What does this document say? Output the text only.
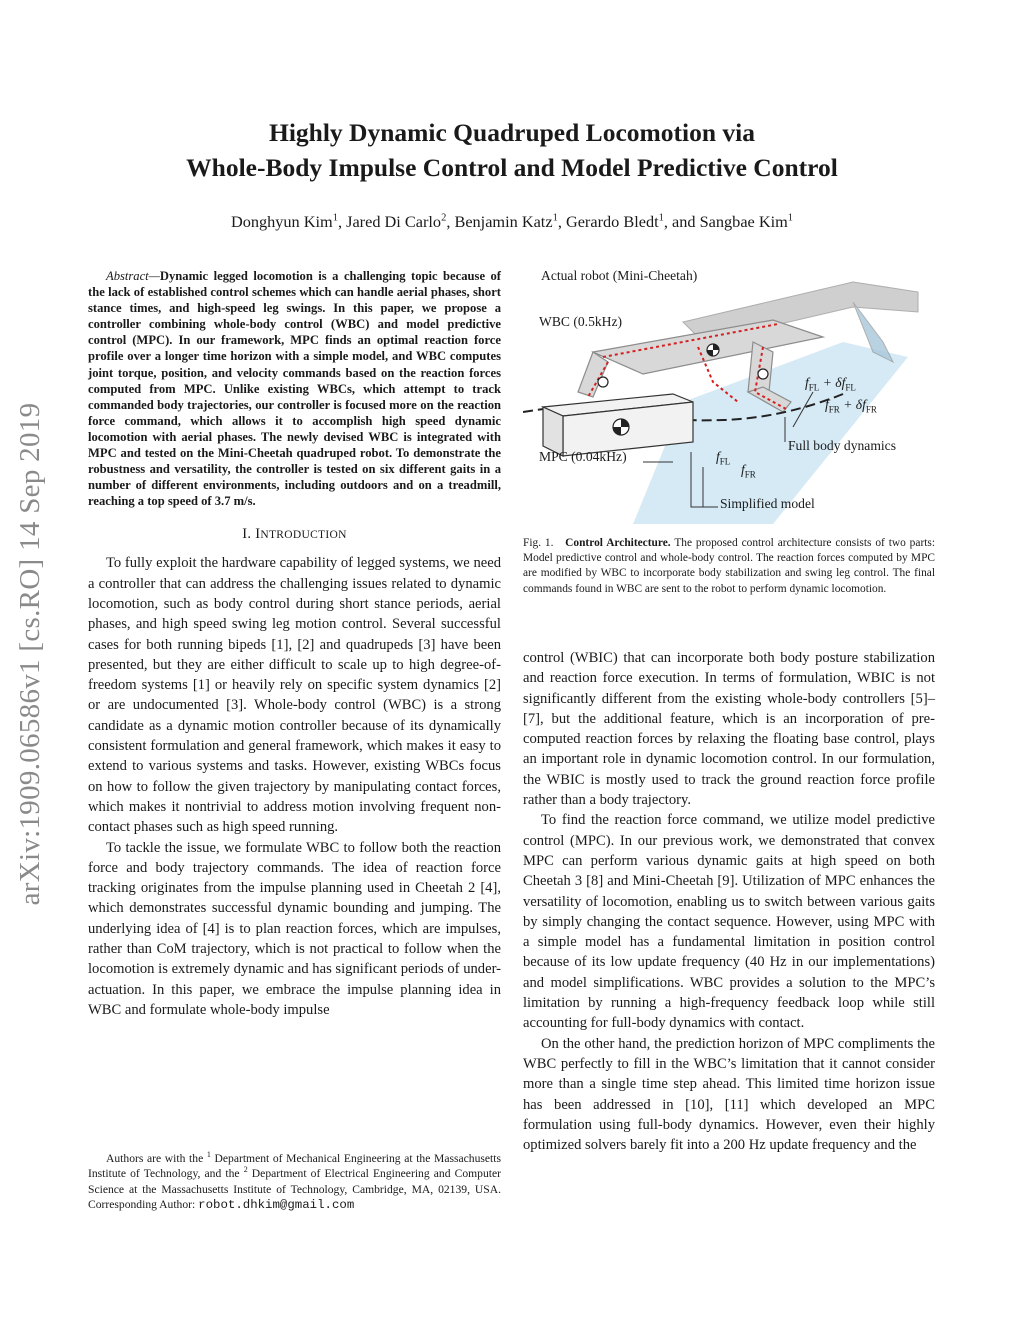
arXiv:1909.06586v1 [cs.RO] 14 Sep 2019
Highly Dynamic Quadruped Locomotion via
Whole-Body Impulse Control and Model Predictive Control
Donghyun Kim$^1$, Jared Di Carlo$^2$, Benjamin Katz$^1$, Gerardo Bledt$^1$, and Sangbae Kim$^1$

Abstract—Dynamic legged locomotion is a challenging topic because of the lack of established control schemes which can handle aerial phases, short stance times, and high-speed leg swings. In this paper, we propose a controller combining whole-body control (WBC) and model predictive control (MPC). In our framework, MPC finds an optimal reaction force profile over a longer time horizon with a simple model, and WBC computes joint torque, position, and velocity commands based on the reaction forces computed from MPC. Unlike existing WBCs, which attempt to track commanded body trajectories, our controller is focused more on the reaction force command, which allows it to accomplish high speed dynamic locomotion with aerial phases. The newly devised WBC is integrated with MPC and tested on the Mini-Cheetah quadruped robot. To demonstrate the robustness and versatility, the controller is tested on six different gaits in a number of different environments, including outdoors and on a treadmill, reaching a top speed of 3.7 m/s.

I. INTRODUCTION

To fully exploit the hardware capability of legged systems, we need a controller that can address the challenging issues related to dynamic locomotion, such as body control during short stance periods, aerial phases, and high speed swing leg motion control. Several successful cases for both running bipeds [1], [2] and quadrupeds [3] have been presented, but they are either difficult to scale up to high degree-of-freedom systems [1] or heavily rely on specific system dynamics [2] or are undocumented [3]. Whole-body control (WBC) is a strong candidate as a dynamic motion controller because of its dynamically consistent formulation and general framework, which makes it easy to extend to various systems and tasks. However, existing WBCs focus on how to follow the given trajectory by manipulating contact forces, which makes it nontrivial to address motion involving frequent non-contact phases such as high speed running.

To tackle the issue, we formulate WBC to follow both the reaction force and body trajectory commands. The idea of reaction force tracking originates from the impulse planning used in Cheetah 2 [4], which demonstrates successful dynamic bounding and jumping. The underlying idea of [4] is to plan reaction forces, which are impulses, rather than CoM trajectory, which is not practical to follow when the locomotion is extremely dynamic and has significant periods of under-actuation. In this paper, we embrace the impulse planning idea in WBC and formulate whole-body impulse

Authors are with the $^1$ Department of Mechanical Engineering at the Massachusetts Institute of Technology, and the $^2$ Department of Electrical Engineering and Computer Science at the Massachusetts Institute of Technology, Cambridge, MA, 02139, USA. Corresponding Author: robot.dhkim@gmail.com
Actual robot (Mini-Cheetah)
WBC (0.5kHz)
MPC (0.04kHz)
Full body dynamics
Simplified model
$f_{FL} + \delta f_{FL}$
$f_{FR} + \delta f_{FR}$
$f_{FL}$
$f_{FR}$
Fig. 1. Control Architecture. The proposed control architecture consists of two parts: Model predictive control and whole-body control. The reaction forces computed by MPC are modified by WBC to incorporate body stabilization and swing leg control. The final commands found in WBC are sent to the robot to perform dynamic locomotion.

control (WBIC) that can incorporate both body posture stabilization and reaction force execution. In terms of formulation, WBIC is not significantly different from the existing whole-body controllers [5]–[7], but the additional feature, which is an incorporation of pre-computed reaction forces by relaxing the floating base control, plays an important role in dynamic locomotion control. In our formulation, the WBIC is mostly used to track the ground reaction force profile rather than a body trajectory.

To find the reaction force command, we utilize model predictive control (MPC). In our previous work, we demonstrated that convex MPC can perform various dynamic gaits at high speed on both Cheetah 3 [8] and Mini-Cheetah [9]. Utilization of MPC enhances the versatility of locomotion, enabling us to switch between various gaits by simply changing the contact sequence. However, using MPC with a simple model has a fundamental limitation in position control because of its low update frequency (40 Hz in our implementations) and model simplifications. WBC provides a solution to the MPC’s limitation by running a high-frequency feedback loop while still accounting for full-body dynamics with contact.

On the other hand, the prediction horizon of MPC compliments the WBC perfectly to fill in the WBC’s limitation that it cannot consider more than a single time step ahead. This limited time horizon issue has been addressed in [10], [11] which developed an MPC formulation using full-body dynamics. However, even their highly optimized solvers barely fit into a 200 Hz update frequency and the
